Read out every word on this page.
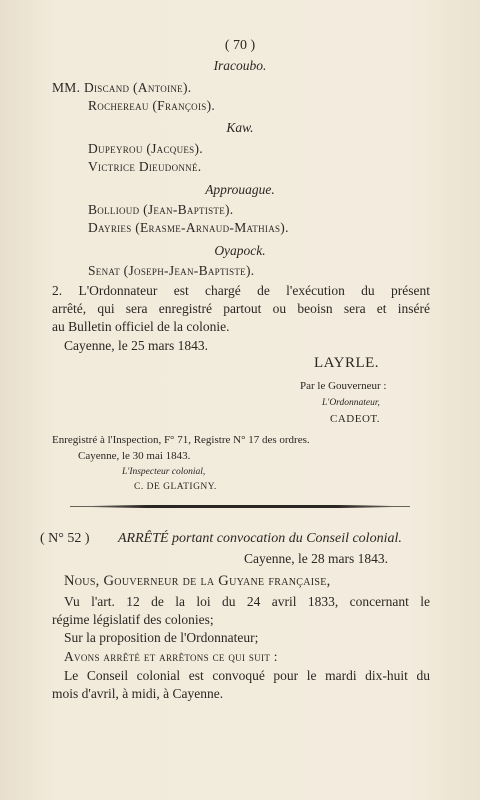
( 70 )
Iracoubo.
MM. Discand (Antoine).
Rochereau (François).
Kaw.
Dupeyrou (Jacques).
Victrice Dieudonné.
Approuague.
Bollioud (Jean-Baptiste).
Dayries (Erasme-Arnaud-Mathias).
Oyapock.
Senat (Joseph-Jean-Baptiste).
2. L'Ordonnateur est chargé de l'exécution du présent
arrêté, qui sera enregistré partout ou beoisn sera et inséré
au Bulletin officiel de la colonie.
Cayenne, le 25 mars 1843.
LAYRLE.
Par le Gouverneur :
L'Ordonnateur,
CADEOT.
Enregistré à l'Inspection, F° 71, Registre N° 17 des ordres.
Cayenne, le 30 mai 1843.
L'Inspecteur colonial,
C. DE GLATIGNY.
( N° 52 ) ARRÊTÉ portant convocation du Conseil colonial.
Cayenne, le 28 mars 1843.
Nous, Gouverneur de la Guyane française,
Vu l'art. 12 de la loi du 24 avril 1833, concernant le
régime législatif des colonies;
Sur la proposition de l'Ordonnateur;
Avons arrêté et arrêtons ce qui suit :
Le Conseil colonial est convoqué pour le mardi dix-huit du
mois d'avril, à midi, à Cayenne.
